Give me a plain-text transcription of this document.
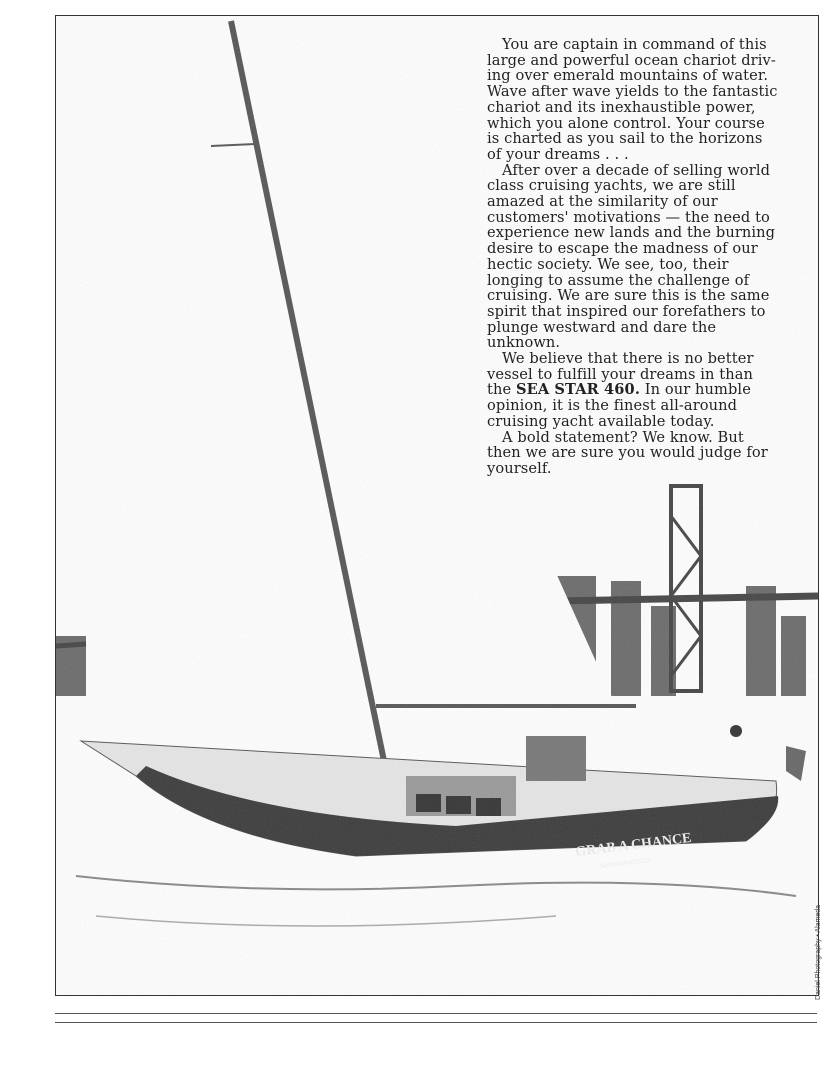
You are captain in command of this
large and powerful ocean chariot driv-
ing over emerald mountains of water.
Wave after wave yields to the fantastic
chariot and its inexhaustible power,
which you alone control. Your course
is charted as you sail to the horizons
of your dreams . . .

After over a decade of selling world
class cruising yachts, we are still
amazed at the similarity of our
customers' motivations — the need to
experience new lands and the burning
desire to escape the madness of our
hectic society. We see, too, their
longing to assume the challenge of
cruising. We are sure this is the same
spirit that inspired our forefathers to
plunge westward and dare the
unknown.

We believe that there is no better
vessel to fulfill your dreams in than
the SEA STAR 460. In our humble
opinion, it is the finest all-around
cruising yacht available today.

A bold statement? We know. But
then we are sure you would judge for
yourself.

Daniel Photography • Alameda
